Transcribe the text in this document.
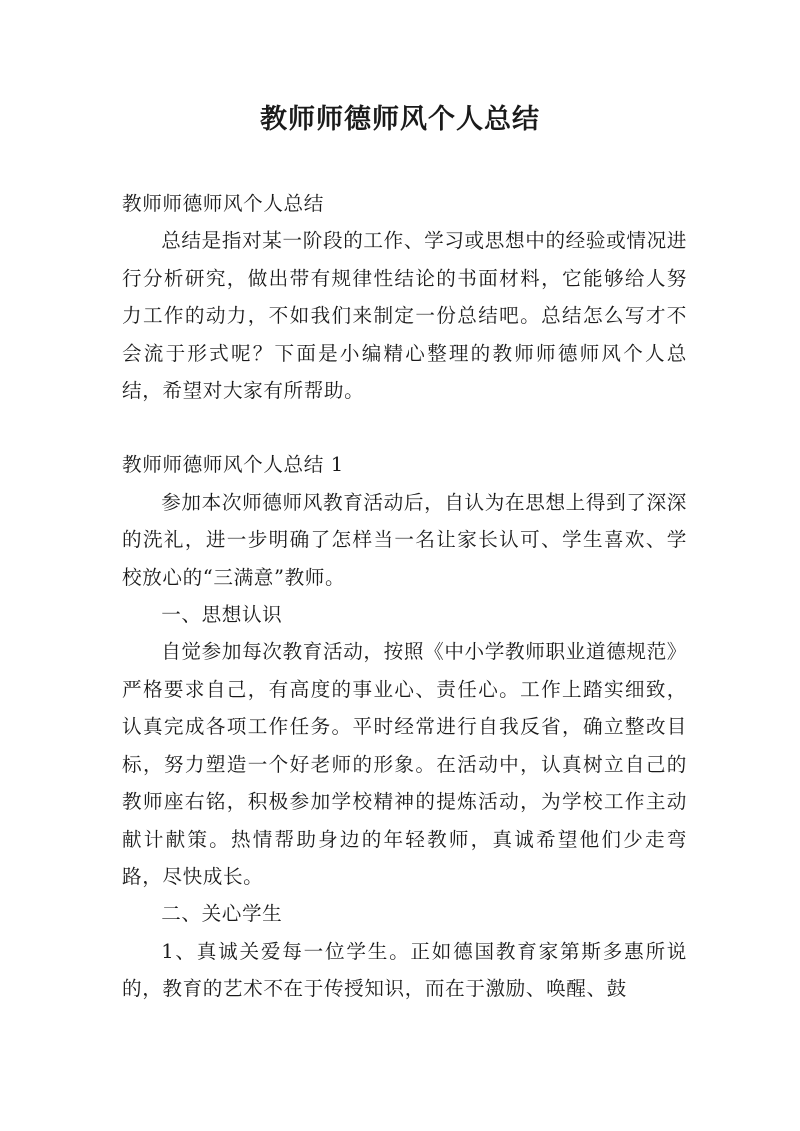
教师师德师风个人总结

教师师德师风个人总结

总结是指对某一阶段的工作、学习或思想中的经验或情况进行分析研究，做出带有规律性结论的书面材料，它能够给人努力工作的动力，不如我们来制定一份总结吧。总结怎么写才不会流于形式呢？下面是小编精心整理的教师师德师风个人总结，希望对大家有所帮助。

教师师德师风个人总结 1

参加本次师德师风教育活动后，自认为在思想上得到了深深的洗礼，进一步明确了怎样当一名让家长认可、学生喜欢、学校放心的“三满意”教师。

一、思想认识

自觉参加每次教育活动，按照《中小学教师职业道德规范》严格要求自己，有高度的事业心、责任心。工作上踏实细致，认真完成各项工作任务。平时经常进行自我反省，确立整改目标，努力塑造一个好老师的形象。在活动中，认真树立自己的教师座右铭，积极参加学校精神的提炼活动，为学校工作主动献计献策。热情帮助身边的年轻教师，真诚希望他们少走弯路，尽快成长。

二、关心学生

1、真诚关爱每一位学生。正如德国教育家第斯多惠所说的，教育的艺术不在于传授知识，而在于激励、唤醒、鼓
